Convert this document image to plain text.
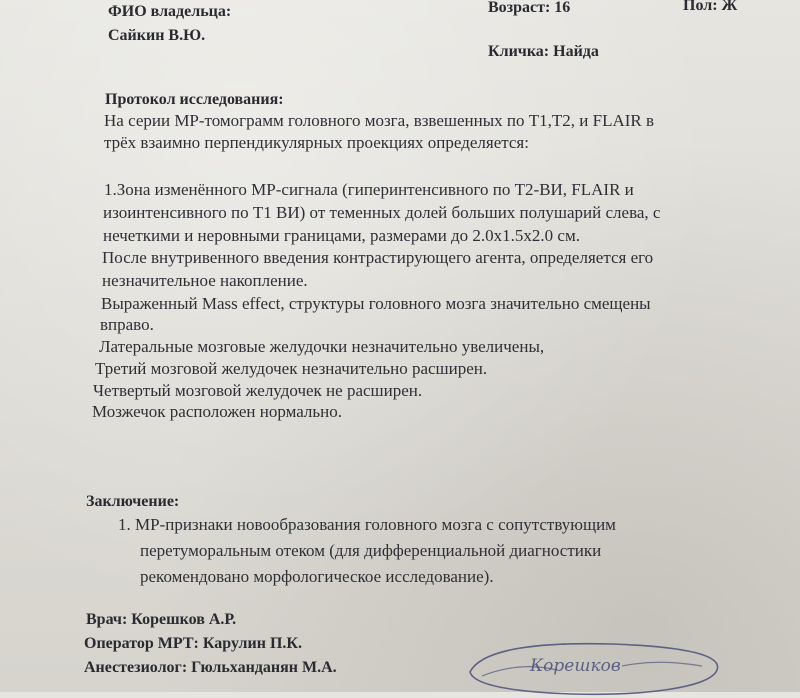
ФИО владельца:
Сайкин В.Ю.
Возраст: 16	Пол: Ж
Кличка: Найда
Протокол исследования:
На серии МР-томограмм головного мозга, взвешенных по T1,T2, и FLAIR в
трёх взаимно перпендикулярных проекциях определяется:
1.Зона изменённого МР-сигнала (гиперинтенсивного по Т2-ВИ, FLAIR и
изоинтенсивного по Т1 ВИ) от теменных долей больших полушарий слева, с
нечеткими и неровными границами, размерами до 2.0x1.5x2.0 см.
После внутривенного введения контрастирующего агента, определяется его
незначительное накопление.
Выраженный Mass effect, структуры головного мозга значительно смещены
вправо.
Латеральные мозговые желудочки незначительно увеличены,
Третий мозговой желудочек незначительно расширен.
Четвертый мозговой желудочек не расширен.
Мозжечок расположен нормально.
Заключение:
1. МР-признаки новообразования головного мозга с сопутствующим
перетуморальным отеком (для дифференциальной диагностики
рекомендовано морфологическое исследование).
Врач: Корешков А.Р.
Оператор МРТ: Карулин П.К.
Анестезиолог: Гюльханданян М.А.	Корешков
